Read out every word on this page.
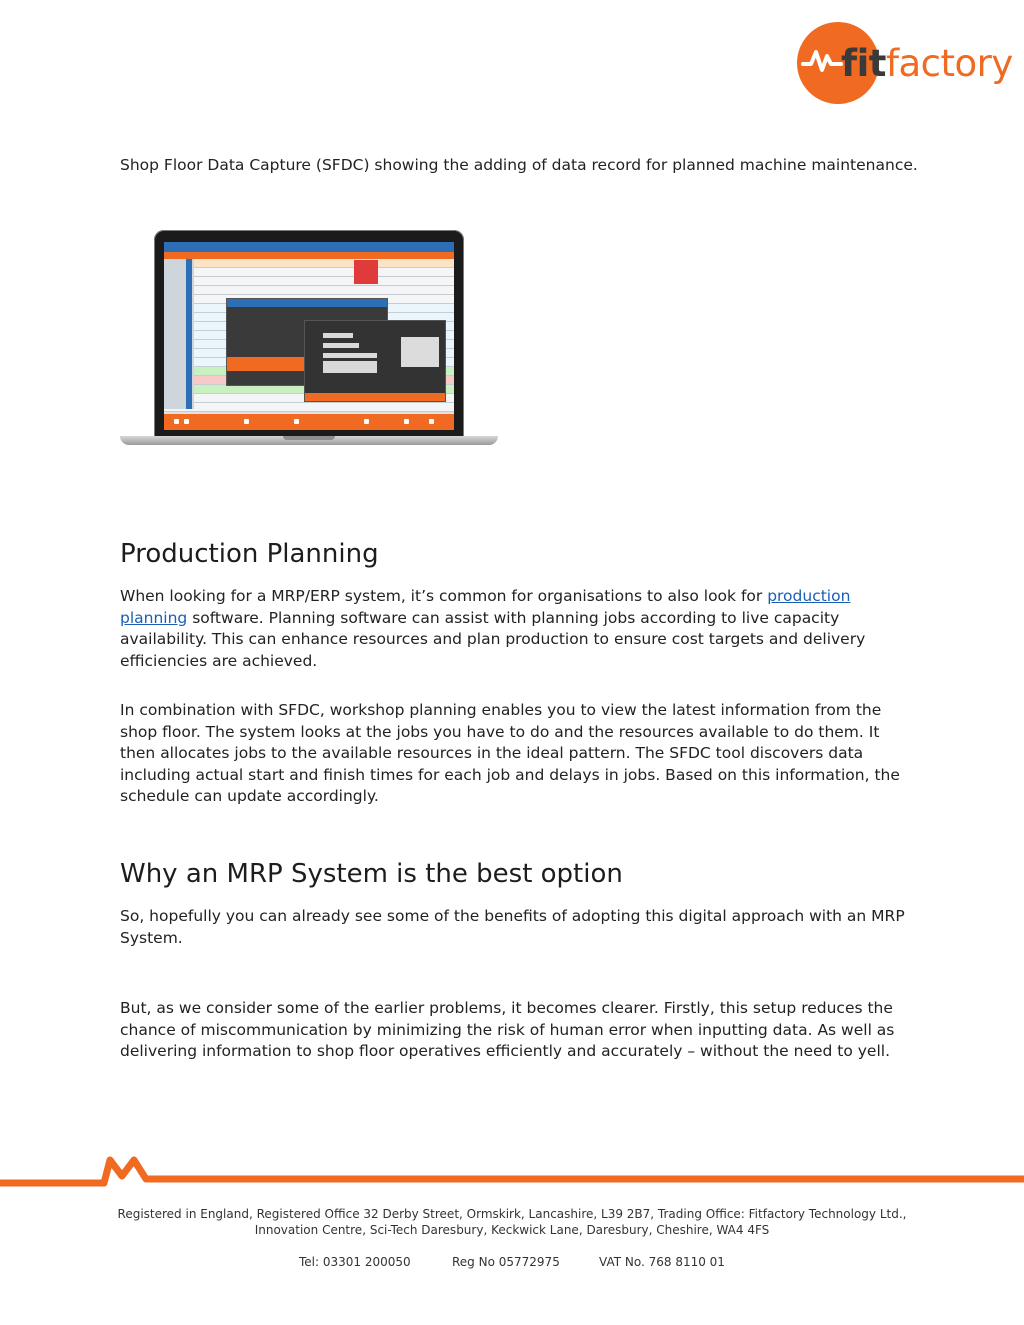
fitfactory
Shop Floor Data Capture (SFDC) showing the adding of data record for planned machine maintenance.
Production Planning

When looking for a MRP/ERP system, it’s common for organisations to also look for production planning software. Planning software can assist with planning jobs according to live capacity availability. This can enhance resources and plan production to ensure cost targets and delivery efficiencies are achieved.

In combination with SFDC, workshop planning enables you to view the latest information from the shop floor. The system looks at the jobs you have to do and the resources available to do them. It then allocates jobs to the available resources in the ideal pattern. The SFDC tool discovers data including actual start and finish times for each job and delays in jobs. Based on this information, the schedule can update accordingly.

Why an MRP System is the best option

So, hopefully you can already see some of the benefits of adopting this digital approach with an MRP System.

But, as we consider some of the earlier problems, it becomes clearer. Firstly, this setup reduces the chance of miscommunication by minimizing the risk of human error when inputting data. As well as delivering information to shop floor operatives efficiently and accurately – without the need to yell.

Registered in England, Registered Office 32 Derby Street, Ormskirk, Lancashire, L39 2B7, Trading Office: Fitfactory Technology Ltd.,
Innovation Centre, Sci-Tech Daresbury, Keckwick Lane, Daresbury, Cheshire, WA4 4FS
Tel: 03301 200050	Reg No 05772975	VAT No. 768 8110 01
